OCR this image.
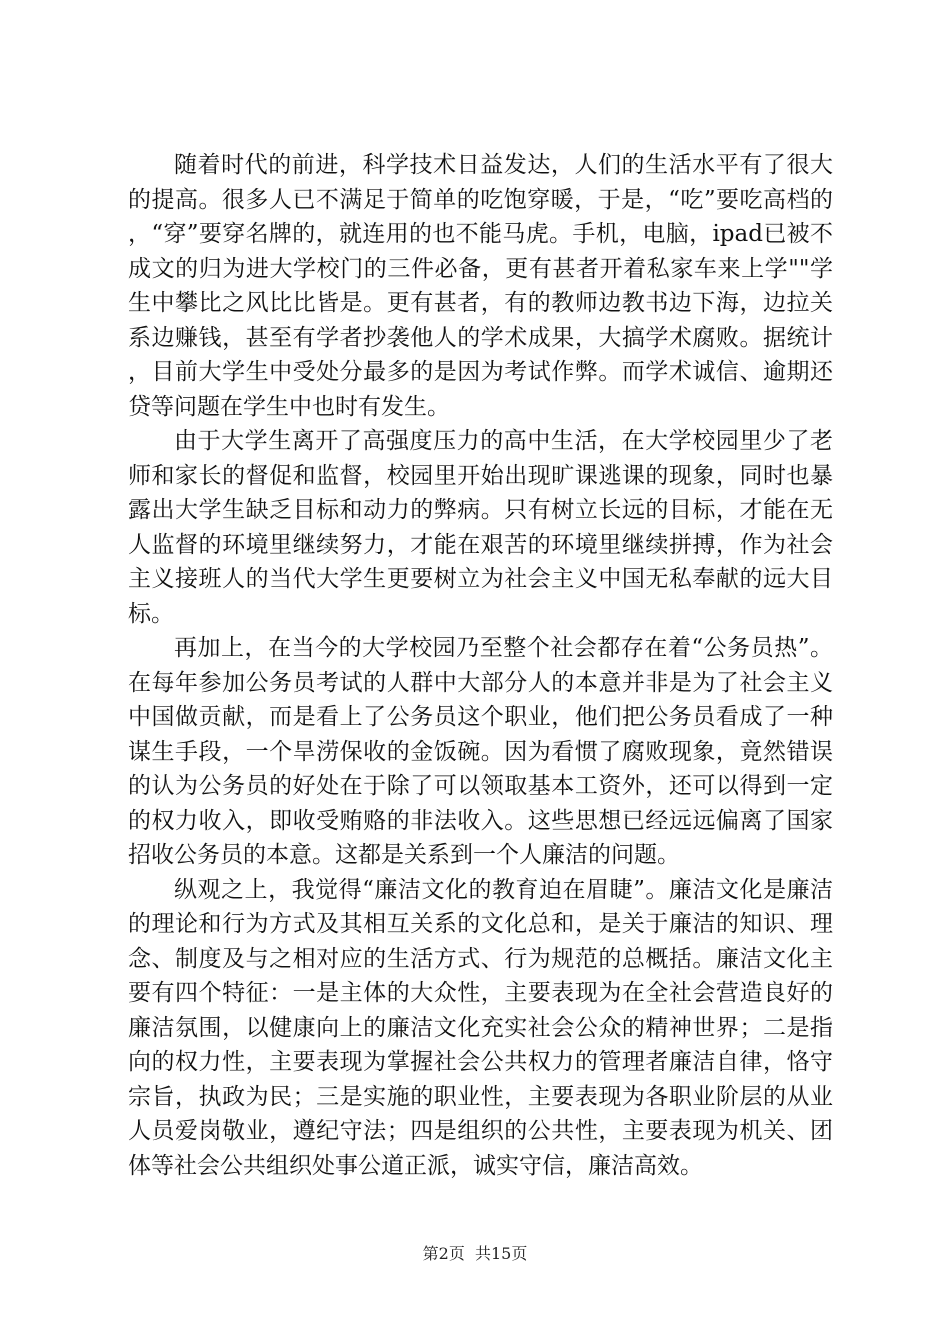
随着时代的前进，科学技术日益发达，人们的生活水平有了很大的提高。很多人已不满足于简单的吃饱穿暖，于是，“吃”要吃高档的，“穿”要穿名牌的，就连用的也不能马虎。手机，电脑，ipad已被不成文的归为进大学校门的三件必备，更有甚者开着私家车来上学""学生中攀比之风比比皆是。更有甚者，有的教师边教书边下海，边拉关系边赚钱，甚至有学者抄袭他人的学术成果，大搞学术腐败。据统计，目前大学生中受处分最多的是因为考试作弊。而学术诚信、逾期还贷等问题在学生中也时有发生。

由于大学生离开了高强度压力的高中生活，在大学校园里少了老师和家长的督促和监督，校园里开始出现旷课逃课的现象，同时也暴露出大学生缺乏目标和动力的弊病。只有树立长远的目标，才能在无人监督的环境里继续努力，才能在艰苦的环境里继续拼搏，作为社会主义接班人的当代大学生更要树立为社会主义中国无私奉献的远大目标。

再加上，在当今的大学校园乃至整个社会都存在着“公务员热”。在每年参加公务员考试的人群中大部分人的本意并非是为了社会主义中国做贡献，而是看上了公务员这个职业，他们把公务员看成了一种谋生手段，一个旱涝保收的金饭碗。因为看惯了腐败现象，竟然错误的认为公务员的好处在于除了可以领取基本工资外，还可以得到一定的权力收入，即收受贿赂的非法收入。这些思想已经远远偏离了国家招收公务员的本意。这都是关系到一个人廉洁的问题。

纵观之上，我觉得“廉洁文化的教育迫在眉睫”。廉洁文化是廉洁的理论和行为方式及其相互关系的文化总和，是关于廉洁的知识、理念、制度及与之相对应的生活方式、行为规范的总概括。廉洁文化主要有四个特征：一是主体的大众性，主要表现为在全社会营造良好的廉洁氛围，以健康向上的廉洁文化充实社会公众的精神世界；二是指向的权力性，主要表现为掌握社会公共权力的管理者廉洁自律，恪守宗旨，执政为民；三是实施的职业性，主要表现为各职业阶层的从业人员爱岗敬业，遵纪守法；四是组织的公共性，主要表现为机关、团体等社会公共组织处事公道正派，诚实守信，廉洁高效。

第2页  共15页
